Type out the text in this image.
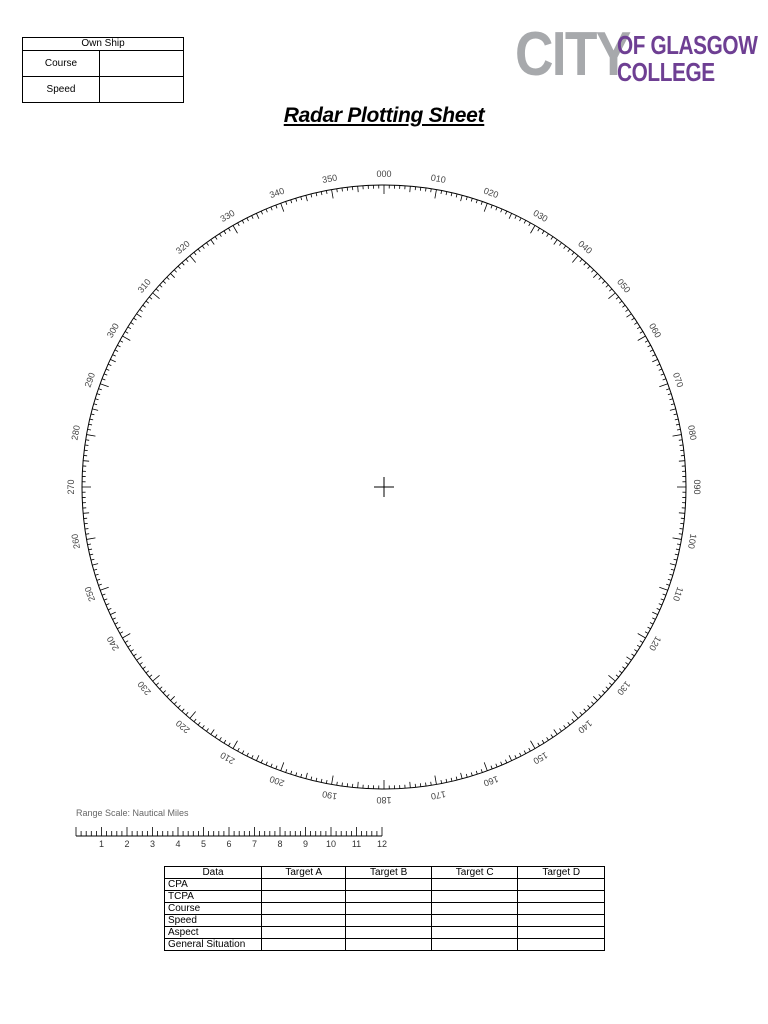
Own Ship	
Course	
Speed	
CITY
OF GLASGOW
COLLEGE
Radar Plotting Sheet
000	010
020
030
040
050
060
070
080
090
100
110
120
130
140
150
160
170
180
190
200
210
220
230
240
250
260
270
280
290
300
310
320
330
340
350
1 2 3 4 5 6 7 8 9 10 11 12
Range Scale: Nautical Miles
Data	Target A	Target B	Target C	Target D
CPA				
TCPA				
Course				
Speed				
Aspect				
General Situation				
